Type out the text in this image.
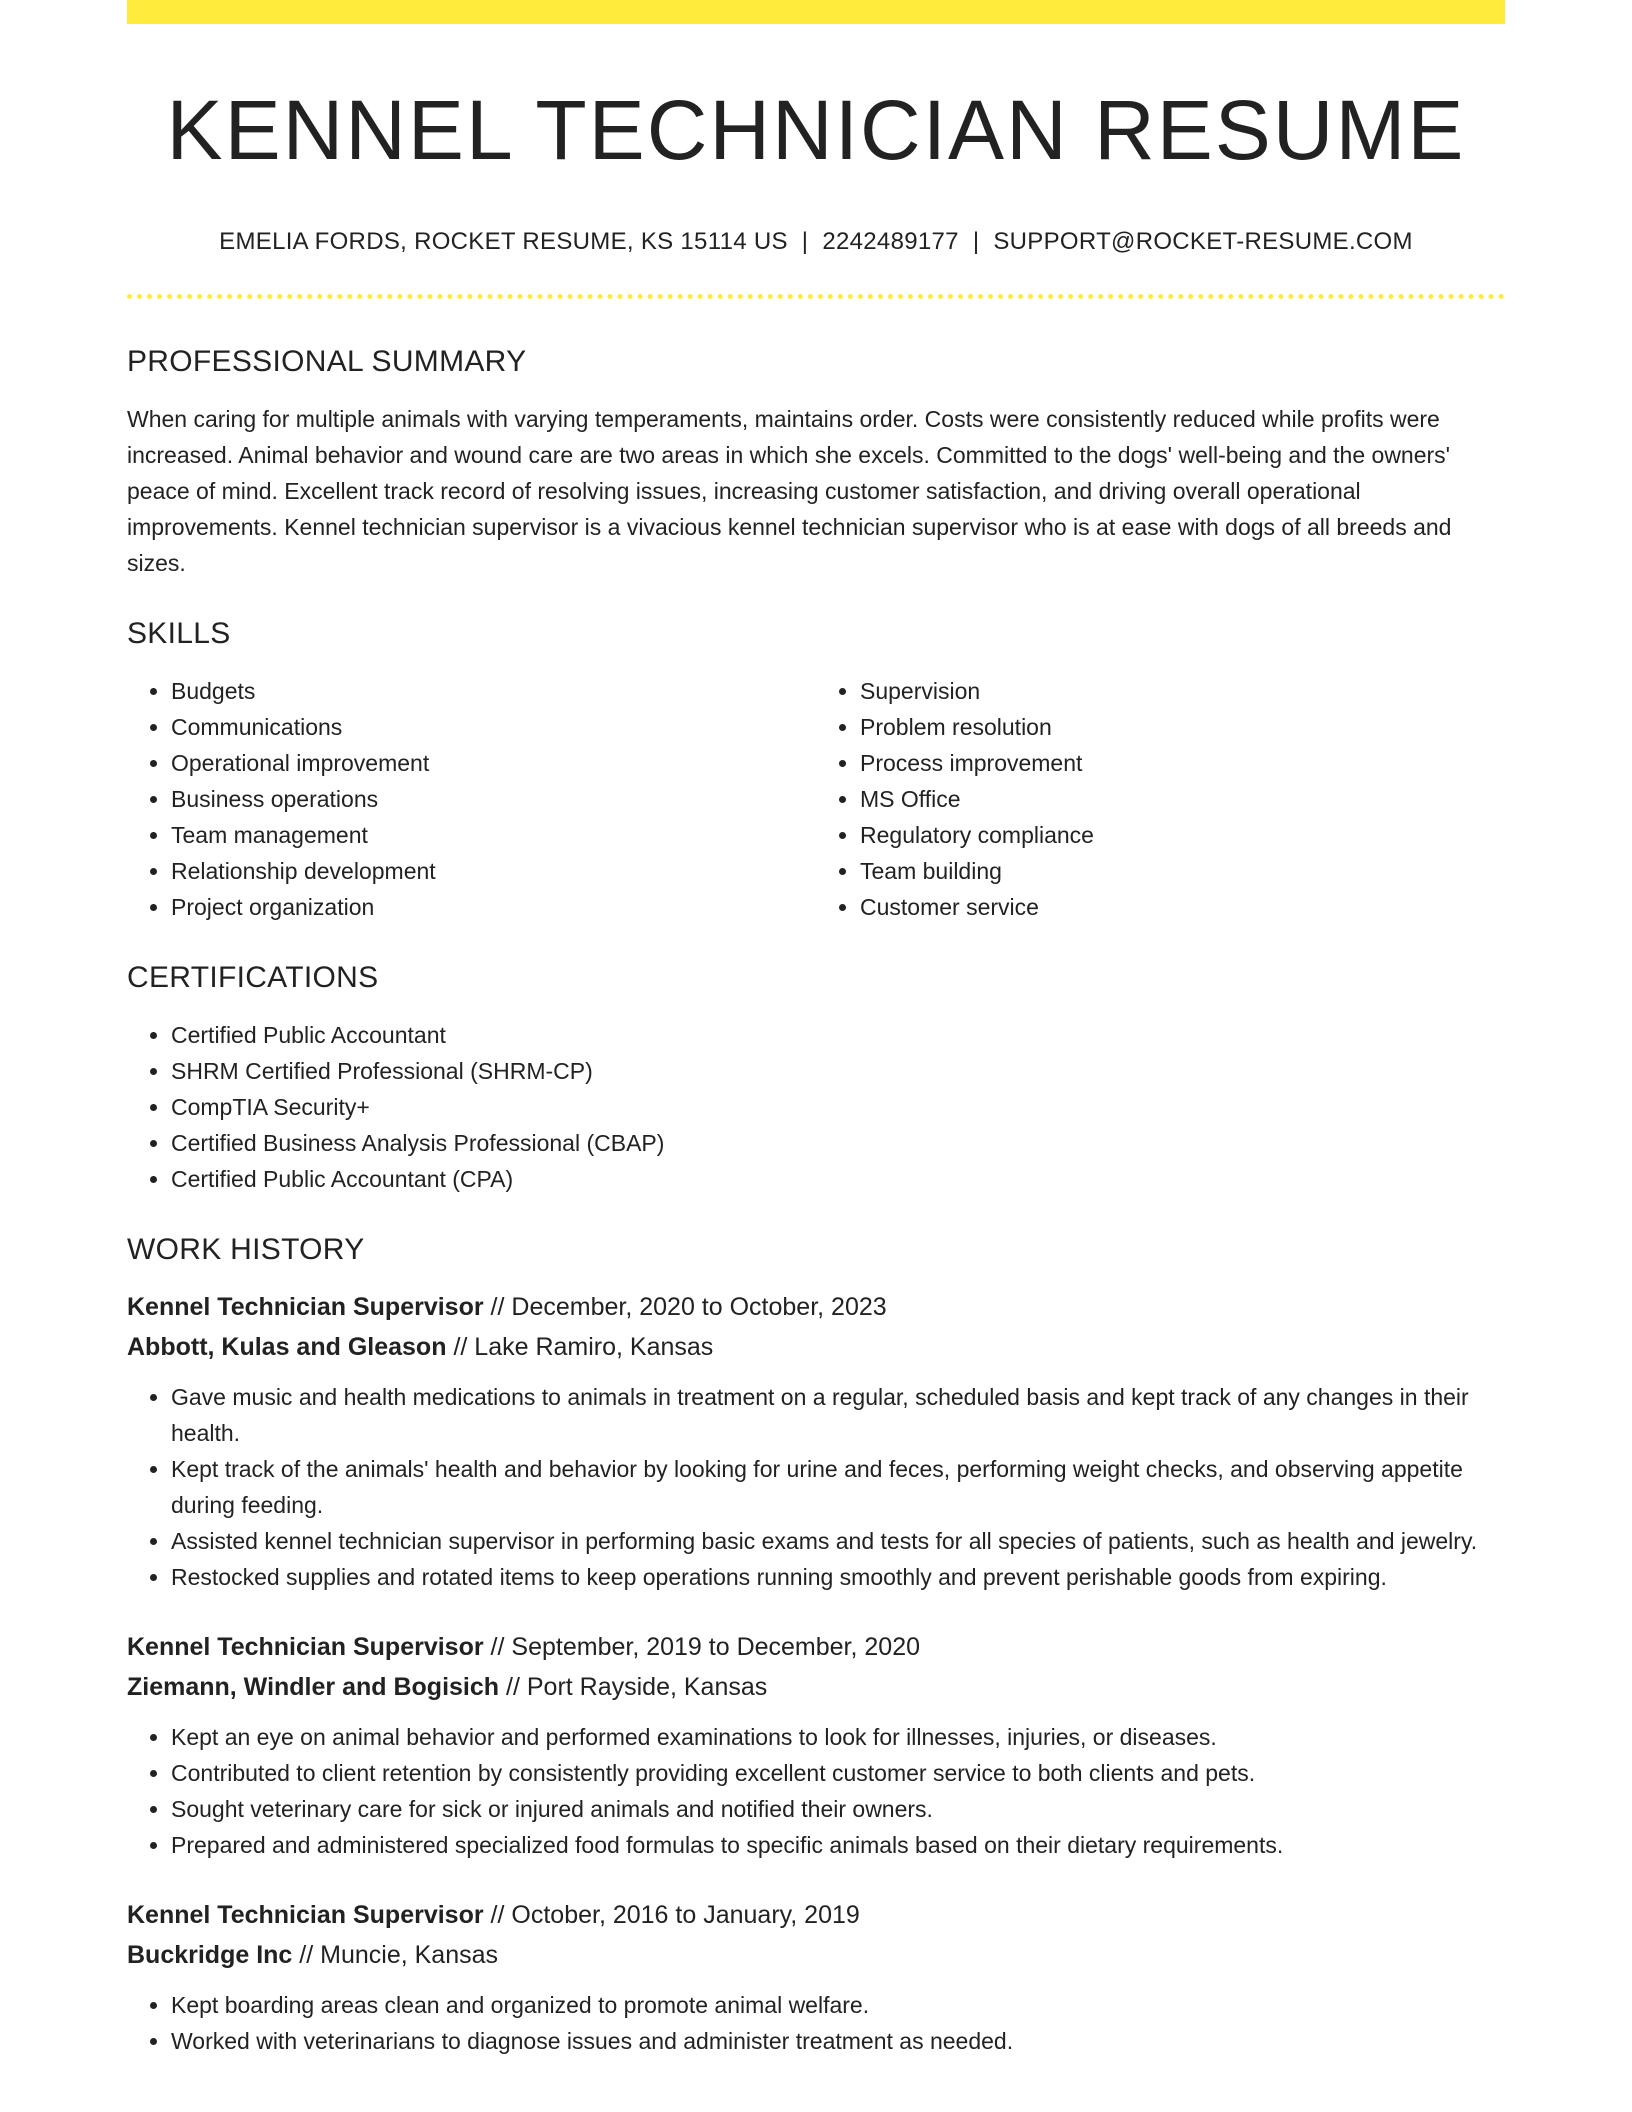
KENNEL TECHNICIAN RESUME
EMELIA FORDS, ROCKET RESUME, KS 15114 US | 2242489177 | SUPPORT@ROCKET-RESUME.COM
PROFESSIONAL SUMMARY
When caring for multiple animals with varying temperaments, maintains order. Costs were consistently reduced while profits were increased. Animal behavior and wound care are two areas in which she excels. Committed to the dogs' well-being and the owners' peace of mind. Excellent track record of resolving issues, increasing customer satisfaction, and driving overall operational improvements. Kennel technician supervisor is a vivacious kennel technician supervisor who is at ease with dogs of all breeds and sizes.
SKILLS
• Budgets
• Communications
• Operational improvement
• Business operations
• Team management
• Relationship development
• Project organization
• Supervision
• Problem resolution
• Process improvement
• MS Office
• Regulatory compliance
• Team building
• Customer service
CERTIFICATIONS
• Certified Public Accountant
• SHRM Certified Professional (SHRM-CP)
• CompTIA Security+
• Certified Business Analysis Professional (CBAP)
• Certified Public Accountant (CPA)
WORK HISTORY
Kennel Technician Supervisor // December, 2020 to October, 2023
Abbott, Kulas and Gleason // Lake Ramiro, Kansas
• Gave music and health medications to animals in treatment on a regular, scheduled basis and kept track of any changes in their health.
• Kept track of the animals' health and behavior by looking for urine and feces, performing weight checks, and observing appetite during feeding.
• Assisted kennel technician supervisor in performing basic exams and tests for all species of patients, such as health and jewelry.
• Restocked supplies and rotated items to keep operations running smoothly and prevent perishable goods from expiring.
Kennel Technician Supervisor // September, 2019 to December, 2020
Ziemann, Windler and Bogisich // Port Rayside, Kansas
• Kept an eye on animal behavior and performed examinations to look for illnesses, injuries, or diseases.
• Contributed to client retention by consistently providing excellent customer service to both clients and pets.
• Sought veterinary care for sick or injured animals and notified their owners.
• Prepared and administered specialized food formulas to specific animals based on their dietary requirements.
Kennel Technician Supervisor // October, 2016 to January, 2019
Buckridge Inc // Muncie, Kansas
• Kept boarding areas clean and organized to promote animal welfare.
• Worked with veterinarians to diagnose issues and administer treatment as needed.
